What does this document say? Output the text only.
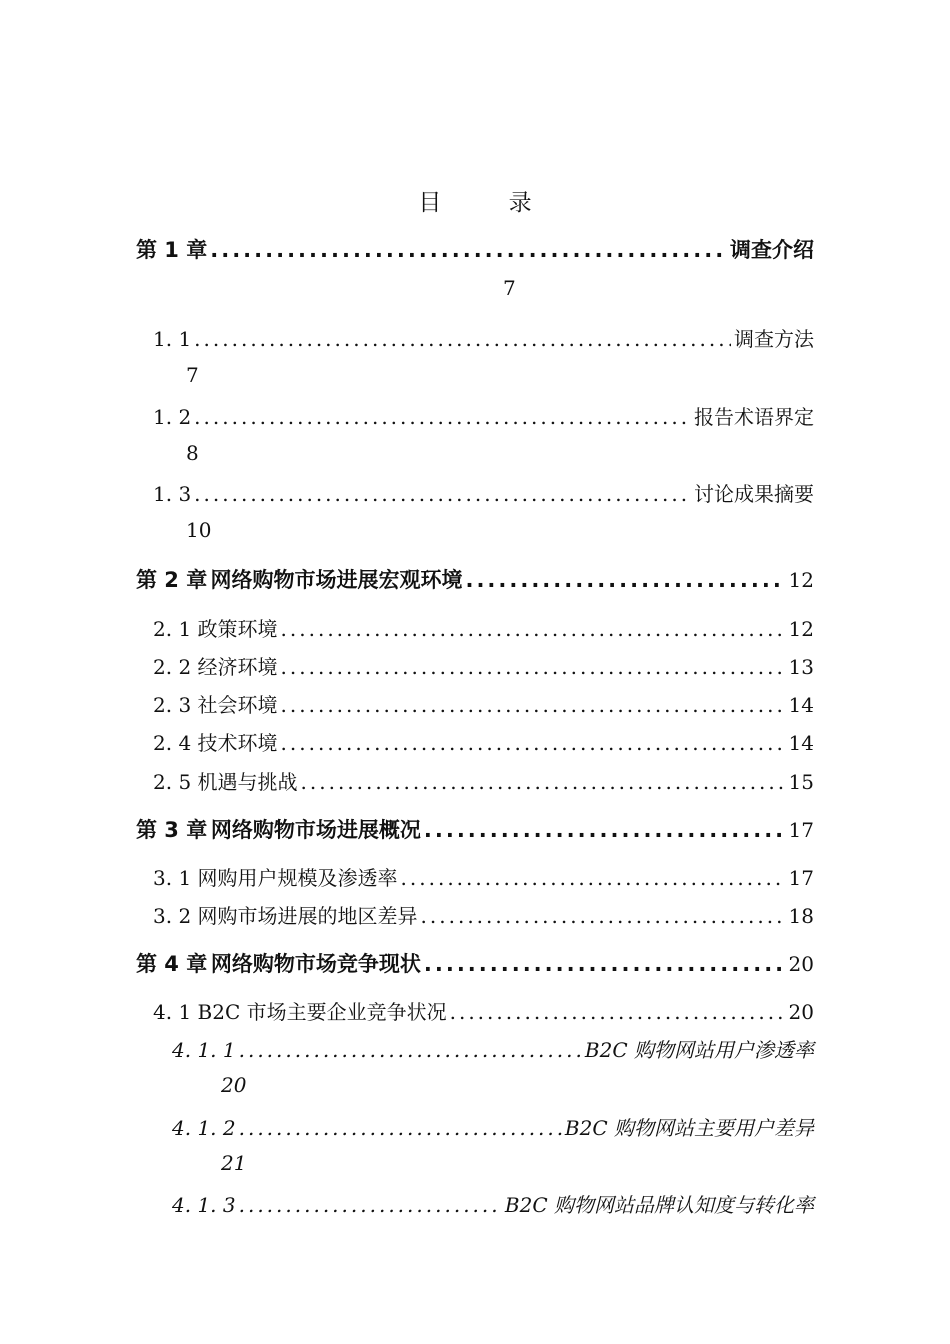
目 录
第 1 章 .....	调查介绍
7
1. 1 .....	调查方法
7
1. 2 .....	报告术语界定
8
1. 3 .....	讨论成果摘要
10
第 2 章 网络购物市场进展宏观环境 .....	12
2. 1 政策环境 .....	12
2. 2 经济环境 .....	13
2. 3 社会环境 .....	14
2. 4 技术环境 .....	14
2. 5 机遇与挑战 .....	15
第 3 章 网络购物市场进展概况 .....	17
3. 1 网购用户规模及渗透率 .....	17
3. 2 网购市场进展的地区差异 .....	18
第 4 章 网络购物市场竞争现状 .....	20
4. 1 B2C 市场主要企业竞争状况 .....	20
4. 1. 1 .....	B2C 购物网站用户渗透率
20
4. 1. 2 .....	B2C 购物网站主要用户差异
21
4. 1. 3 .....	B2C 购物网站品牌认知度与转化率
